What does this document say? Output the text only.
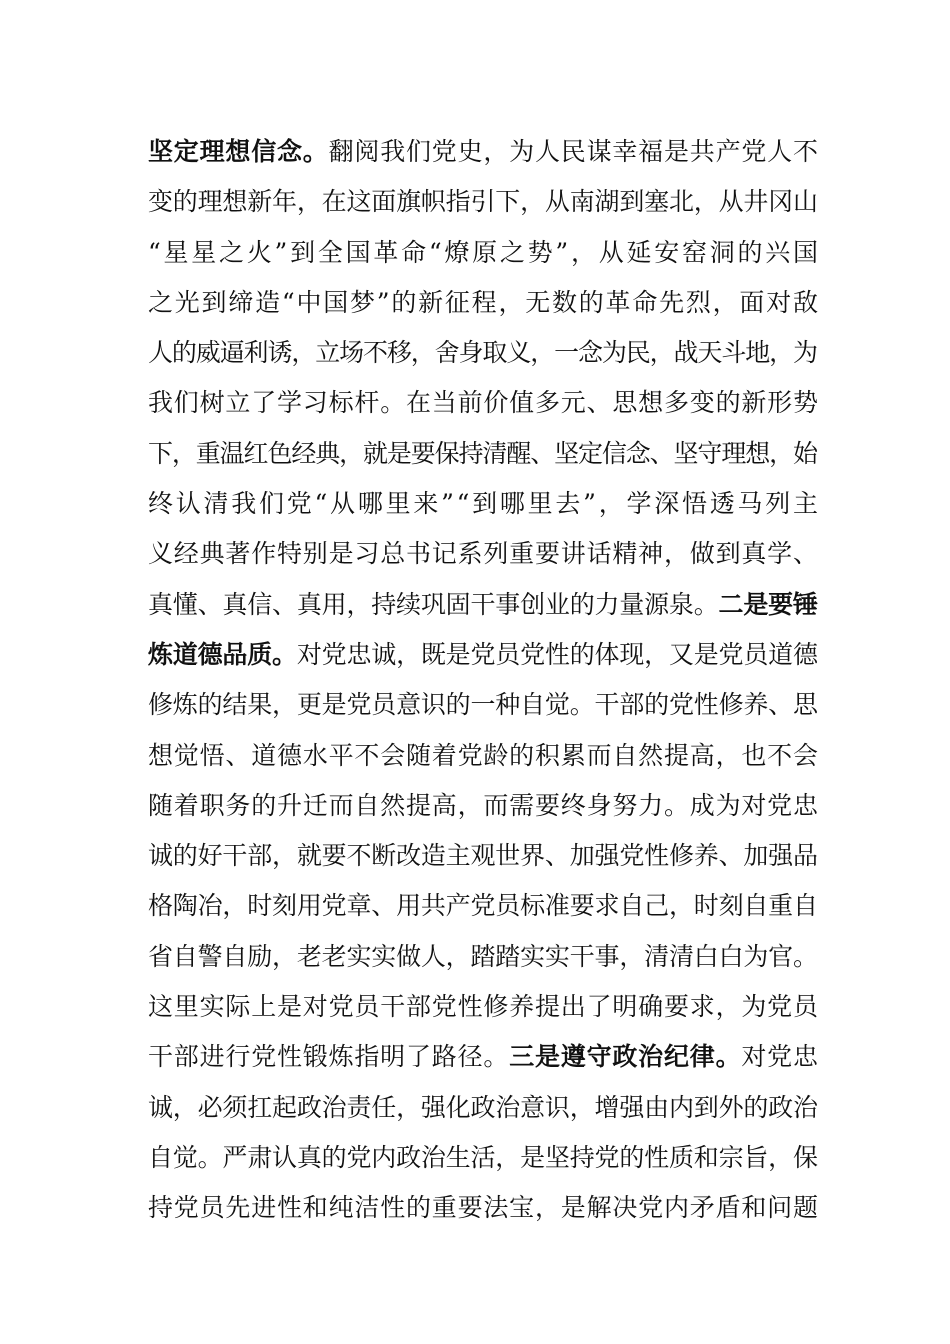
坚定理想信念。翻阅我们党史，为人民谋幸福是共产党人不
变的理想新年，在这面旗帜指引下，从南湖到塞北，从井冈山
“星星之火”到全国革命“燎原之势”，从延安窑洞的兴国
之光到缔造“中国梦”的新征程，无数的革命先烈，面对敌
人的威逼利诱，立场不移，舍身取义，一念为民，战天斗地，为
我们树立了学习标杆。在当前价值多元、思想多变的新形势
下，重温红色经典，就是要保持清醒、坚定信念、坚守理想，始
终认清我们党“从哪里来”“到哪里去”，学深悟透马列主
义经典著作特别是习总书记系列重要讲话精神，做到真学、
真懂、真信、真用，持续巩固干事创业的力量源泉。二是要锤
炼道德品质。对党忠诚，既是党员党性的体现，又是党员道德
修炼的结果，更是党员意识的一种自觉。干部的党性修养、思
想觉悟、道德水平不会随着党龄的积累而自然提高，也不会
随着职务的升迁而自然提高，而需要终身努力。成为对党忠
诚的好干部，就要不断改造主观世界、加强党性修养、加强品
格陶冶，时刻用党章、用共产党员标准要求自己，时刻自重自
省自警自励，老老实实做人，踏踏实实干事，清清白白为官。
这里实际上是对党员干部党性修养提出了明确要求，为党员
干部进行党性锻炼指明了路径。三是遵守政治纪律。对党忠
诚，必须扛起政治责任，强化政治意识，增强由内到外的政治
自觉。严肃认真的党内政治生活，是坚持党的性质和宗旨，保
持党员先进性和纯洁性的重要法宝，是解决党内矛盾和问题
